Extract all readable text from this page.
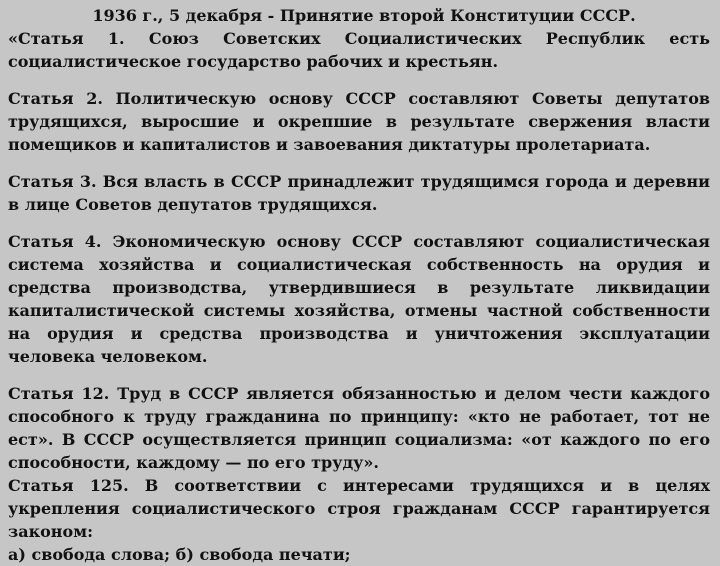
1936 г., 5 декабря - Принятие второй Конституции СССР.

«Статья 1. Союз Советских Социалистических Республик есть социалистическое государство рабочих и крестьян.

Статья 2. Политическую основу СССР составляют Советы депутатов трудящихся, выросшие и окрепшие в результате свержения власти помещиков и капиталистов и завоевания диктатуры пролетариата.

Статья 3. Вся власть в СССР принадлежит трудящимся города и деревни в лице Советов депутатов трудящихся.

Статья 4. Экономическую основу СССР составляют социалистическая система хозяйства и социалистическая собственность на орудия и средства производства, утвердившиеся в результате ликвидации капиталистической системы хозяйства, отмены частной собственности на орудия и средства производства и уничтожения эксплуатации человека человеком.

Статья 12. Труд в СССР является обязанностью и делом чести каждого способного к труду гражданина по принципу: «кто не работает, тот не ест». В СССР осуществляется принцип социализма: «от каждого по его способности, каждому — по его труду».

Статья 125. В соответствии с интересами трудящихся и в целях укрепления социалистического строя гражданам СССР гарантируется законом:

а) свобода слова; б) свобода печати;
